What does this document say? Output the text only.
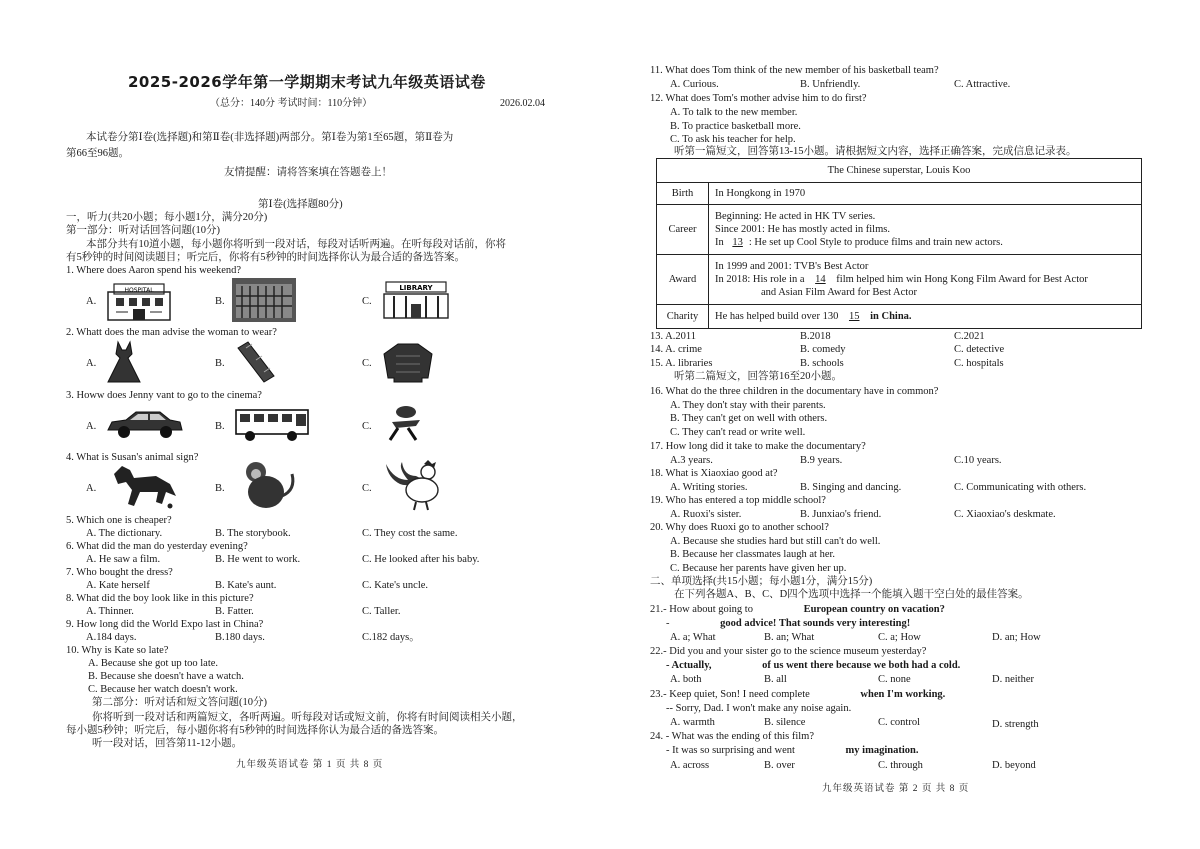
2025-2026学年第一学期期末考试九年级英语试卷
（总分：140分 考试时间：110分钟）	2026.02.04
本试卷分第Ⅰ卷(选择题)和第Ⅱ卷(非选择题)两部分。第Ⅰ卷为第1至65题，第Ⅱ卷为
第66至96题。
友情提醒：请将答案填在答题卷上！
第Ⅰ卷(选择题80分)
一，听力(共20小题；每小题1分，满分20分)
第一部分：听对话回答问题(10分)
本部分共有10道小题，每小题你将听到一段对话，每段对话听两遍。在听每段对话前，你将
有5秒钟的时间阅读题目；听完后，你将有5秒钟的时间选择你认为最合适的备选答案。
1. Where does Aaron spend his weekend?
A.
HOSPITAL
B.	C.
LIBRARY
2. Whatt does the man advise the woman to wear?
A.	B.	C.
3. Howw does Jenny vant to go to the cinema?
A.	B.	C.
4. What is Susan's animal sign?
A.	B.	C.
5. Which one is cheaper?
A. The dictionary.	B. The storybook.	C. They cost the same.
6. What did the man do yesterday evening?
A. He saw a film.	B. He went to work.	C. He looked after his baby.
7. Who bought the dress?
A. Kate herself	B. Kate's aunt.	C. Kate's uncle.
8. What did the boy look like in this picture?
A. Thinner.	B. Fatter.	C. Taller.
9. How long did the World Expo last in China?
A.184 days.	B.180 days.	C.182 days。
10. Why is Kate so late?
A. Because she got up too late.
B. Because she doesn't have a watch.
C. Because her watch doesn't work.
第二部分：听对话和短文答问题(10分)
你将听到一段对话和两篇短文，各听两遍。听每段对话或短文前，你将有时间阅读相关小题，
每小题5秒钟；听完后，每小题你将有5秒钟的时间选择你认为最合适的备选答案。
听一段对话，回答第11-12小题。
九年级英语试卷 第 1 页 共 8 页
11. What does Tom think of the new member of his basketball team?
A. Curious.	B. Unfriendly.	C. Attractive.
12. What does Tom's mother advise him to do first?
A. To talk to the new member.
B. To practice basketball more.
C. To ask his teacher for help.
听第一篇短文，回答第13-15小题。请根据短文内容，选择正确答案，完成信息记录表。
The Chinese superstar, Louis Koo	
Birth	In Hongkong in 1970
Career	Beginning: He acted in HK TV series.
Since 2001: He has mostly acted in films.
In 13 : He set up Cool Style to produce films and train new actors.

Award	In 1999 and 2001: TVB's Best Actor
In 2018: His role in a 14 film helped him win Hong Kong Film Award for Best Actor
and Asian Film Award for Best Actor

Charity	He has helped build over 130 15 in China.
13. A.2011	B.2018	C.2021
14. A. crime	B. comedy	C. detective
15. A. libraries	B. schools	C. hospitals
听第二篇短文，回答第16至20小题。
16. What do the three children in the documentary have in common?
A. They don't stay with their parents.
B. They can't get on well with others.
C. They can't read or write well.
17. How long did it take to make the documentary?
A.3 years.	B.9 years.	C.10 years.
18. What is Xiaoxiao good at?
A. Writing stories.	B. Singing and dancing.	C. Communicating with others.
19. Who has entered a top middle school?
A. Ruoxi's sister.	B. Junxiao's friend.	C. Xiaoxiao's deskmate.
20. Why does Ruoxi go to another school?
A. Because she studies hard but still can't do well.
B. Because her classmates laugh at her.
C. Because her parents have given her up.
二、单项选择(共15小题；每小题1分，满分15分)
在下列各题A、B、C、D四个选项中选择一个能填入题干空白处的最佳答案。
21.- How about going to	European country on vacation?
-	good advice! That sounds very interesting!
A. a; What	B. an; What	C. a; How	D. an; How
22.- Did you and your sister go to the science museum yesterday?
- Actually,	of us went there because we both had a cold.
A. both	B. all	C. none	D. neither
23.- Keep quiet, Son! I need complete	when I'm working.
-- Sorry, Dad. I won't make any noise again.
A. warmth	B. silence	C. control	D. strength
24. - What was the ending of this film?
- It was so surprising and went	my imagination.
A. across	B. over	C. through	D. beyond
九年级英语试卷 第 2 页 共 8 页
